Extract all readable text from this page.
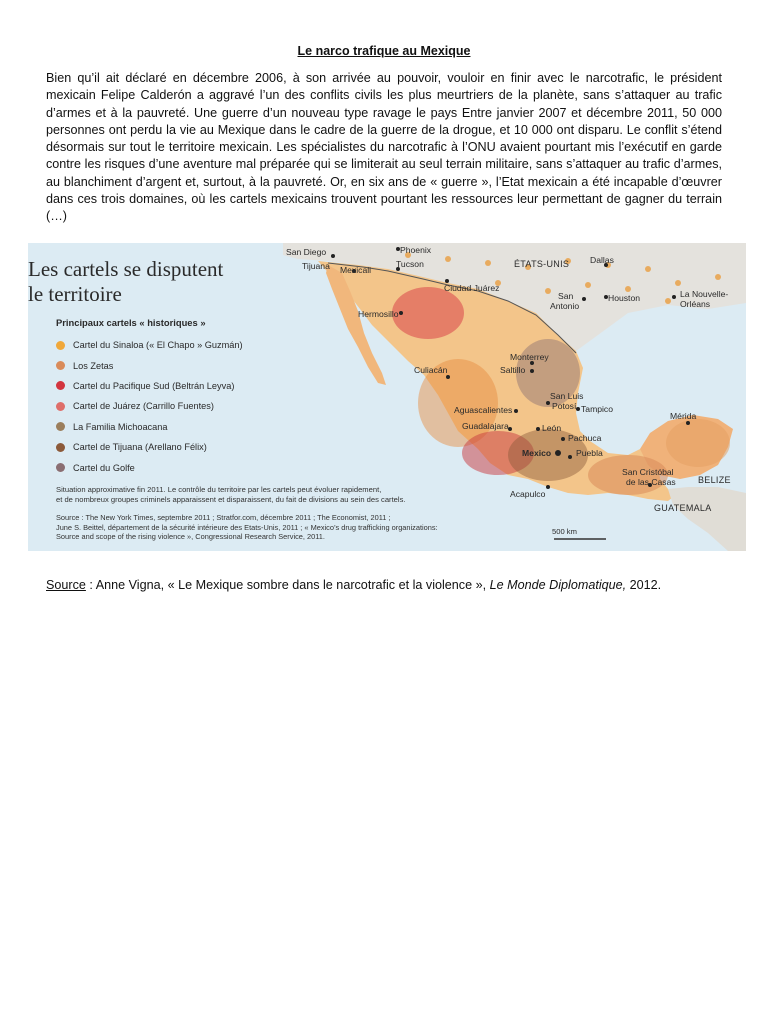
Le narco trafique au Mexique

Bien qu’il ait déclaré en décembre 2006, à son arrivée au pouvoir, vouloir en finir avec le narcotrafic, le président mexicain Felipe Calderón a aggravé l’un des conflits civils les plus meurtriers de la planète, sans s’attaquer au trafic d’armes et à la pauvreté. Une guerre d’un nouveau type ravage le pays Entre janvier 2007 et décembre 2011, 50 000 personnes ont perdu la vie au Mexique dans le cadre de la guerre de la drogue, et 10 000 ont disparu. Le conflit s’étend désormais sur tout le territoire mexicain. Les spécialistes du narcotrafic à l’ONU avaient pourtant mis l’exécutif en garde contre les risques d’une aventure mal préparée qui se limiterait au seul terrain militaire, sans s’attaquer au trafic d’armes, au blanchiment d’argent et, surtout, à la pauvreté. Or, en six ans de « guerre », l’Etat mexicain a été incapable d’œuvrer dans ces trois domaines, où les cartels mexicains trouvent pourtant les ressources leur permettant de gagner du terrain (…)

Les cartels se disputent
le territoire
Principaux cartels « historiques »
Cartel du Sinaloa (« El Chapo » Guzmán)
Los Zetas
Cartel du Pacifique Sud (Beltrán Leyva)
Cartel de Juárez (Carrillo Fuentes)
La Familia Michoacana
Cartel de Tijuana (Arellano Félix)
Cartel du Golfe
Situation approximative fin 2011. Le contrôle du territoire par les cartels peut évoluer rapidement,
et de nombreux groupes criminels apparaissent et disparaissent, du fait de divisions au sein des cartels.
Source : The New York Times, septembre 2011 ; Stratfor.com, décembre 2011 ; The Economist, 2011 ;
June S. Beittel, département de la sécurité intérieure des Etats-Unis, 2011 ; « Mexico’s drug trafficking organizations:
Source and scope of the rising violence », Congressional Research Service, 2011.
San Diego
Tijuana Mexicali
Phoenix
Tucson	ÉTATS-UNIS Dallas
Ciudad Juárez
San
Antonio
Houston	La Nouvelle-
Orléans
Hermosillo
Monterrey
Culiacán	Saltillo
San Luis
Potosí Tampico
Aguascalientes
Guadalajara	León
Mérida
Pachuca
Mexico	Puebla
San Cristóbal
de las Casas BELIZE
Acapulco
GUATEMALA
500 km
Source : Anne Vigna, « Le Mexique sombre dans le narcotrafic et la violence », Le Monde Diplomatique, 2012.
